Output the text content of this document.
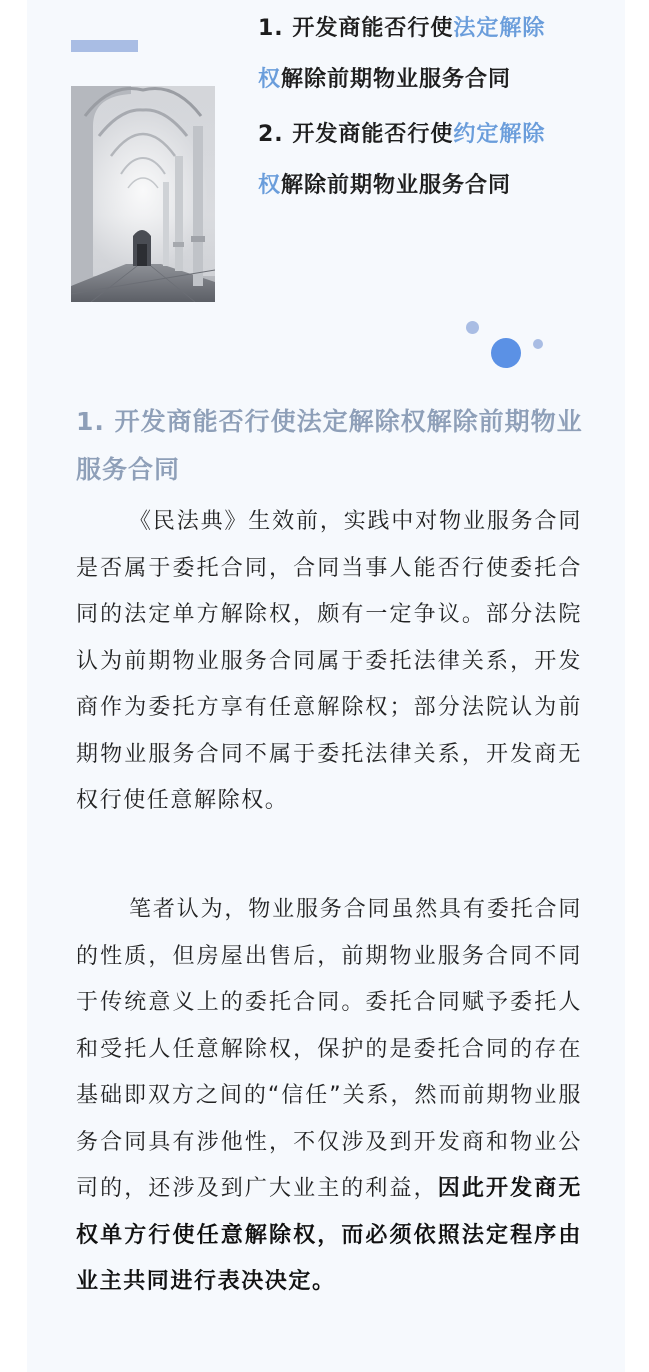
1. 开发商能否行使法定解除权解除前期物业服务合同

2. 开发商能否行使约定解除权解除前期物业服务合同

1. 开发商能否行使法定解除权解除前期物业服务合同

《民法典》生效前，实践中对物业服务合同是否属于委托合同，合同当事人能否行使委托合同的法定单方解除权，颇有一定争议。部分法院认为前期物业服务合同属于委托法律关系，开发商作为委托方享有任意解除权；部分法院认为前期物业服务合同不属于委托法律关系，开发商无权行使任意解除权。

笔者认为，物业服务合同虽然具有委托合同的性质，但房屋出售后，前期物业服务合同不同于传统意义上的委托合同。委托合同赋予委托人和受托人任意解除权，保护的是委托合同的存在基础即双方之间的“信任”关系，然而前期物业服务合同具有涉他性，不仅涉及到开发商和物业公司的，还涉及到广大业主的利益，因此开发商无权单方行使任意解除权，而必须依照法定程序由业主共同进行表决决定。
